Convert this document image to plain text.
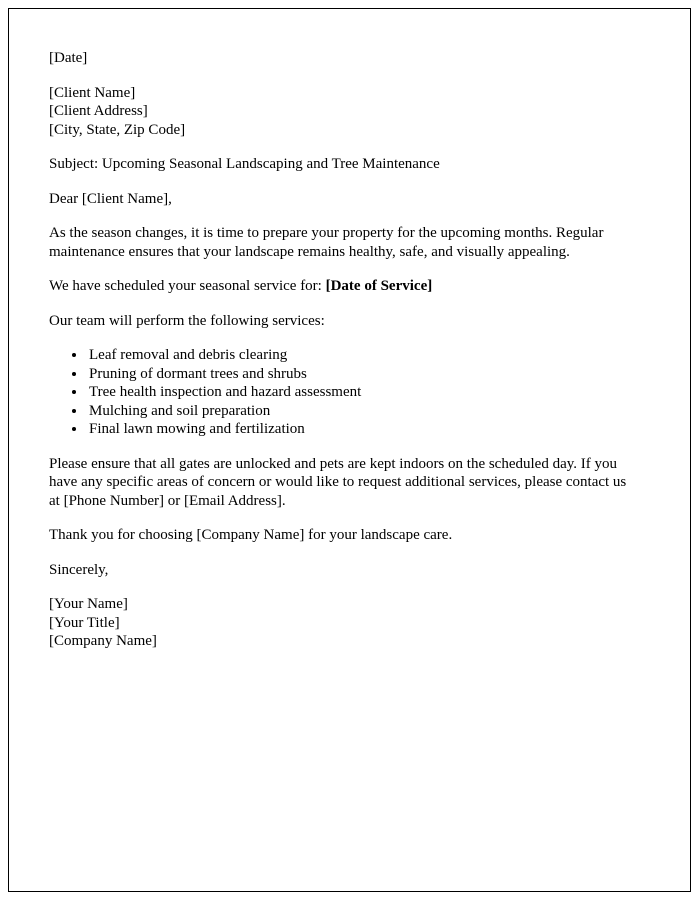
[Date]

[Client Name]
[Client Address]
[City, State, Zip Code]

Subject: Upcoming Seasonal Landscaping and Tree Maintenance

Dear [Client Name],

As the season changes, it is time to prepare your property for the upcoming months. Regular maintenance ensures that your landscape remains healthy, safe, and visually appealing.

We have scheduled your seasonal service for: [Date of Service]

Our team will perform the following services:

• Leaf removal and debris clearing
• Pruning of dormant trees and shrubs
• Tree health inspection and hazard assessment
• Mulching and soil preparation
• Final lawn mowing and fertilization

Please ensure that all gates are unlocked and pets are kept indoors on the scheduled day. If you have any specific areas of concern or would like to request additional services, please contact us at [Phone Number] or [Email Address].

Thank you for choosing [Company Name] for your landscape care.

Sincerely,

[Your Name]
[Your Title]
[Company Name]
